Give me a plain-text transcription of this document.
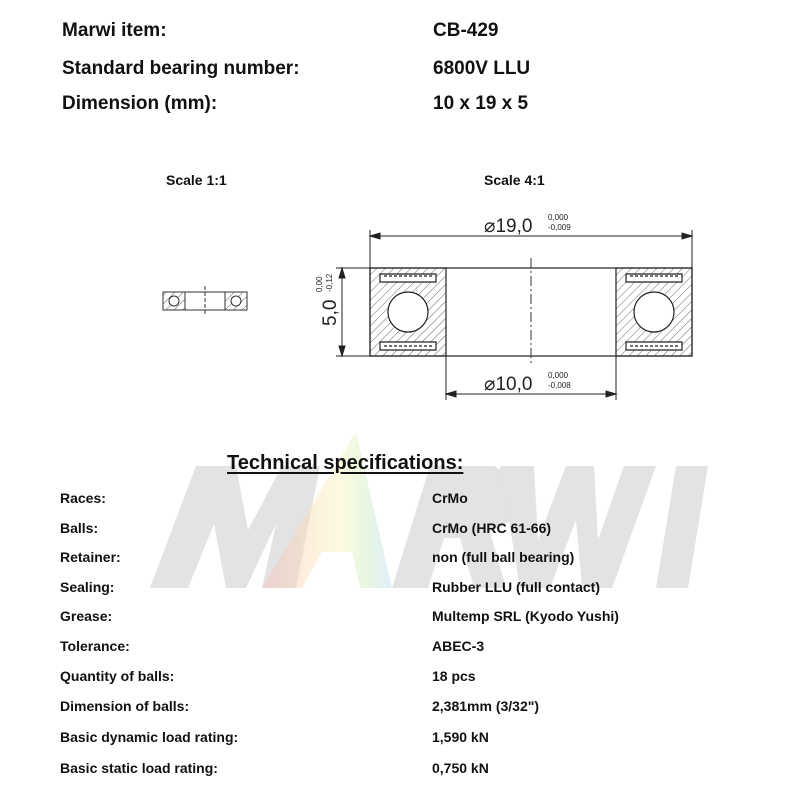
Marwi item:	CB-429
Standard bearing number:	6800V LLU
Dimension (mm):	10 x 19 x 5
Scale 1:1	Scale 4:1
⌀19,0 0,000
-0,009
⌀10,0 0,000
-0,008
5,0
0,00 -0,12
Technical specifications:
Races:	CrMo
Balls:	CrMo (HRC 61-66)
Retainer:	non (full ball bearing)
Sealing:	Rubber LLU (full contact)
Grease:	Multemp SRL (Kyodo Yushi)
Tolerance:	ABEC-3
Quantity of balls:	18 pcs
Dimension of balls:	2,381mm (3/32")
Basic dynamic load rating:	1,590 kN
Basic static load rating:	0,750 kN
